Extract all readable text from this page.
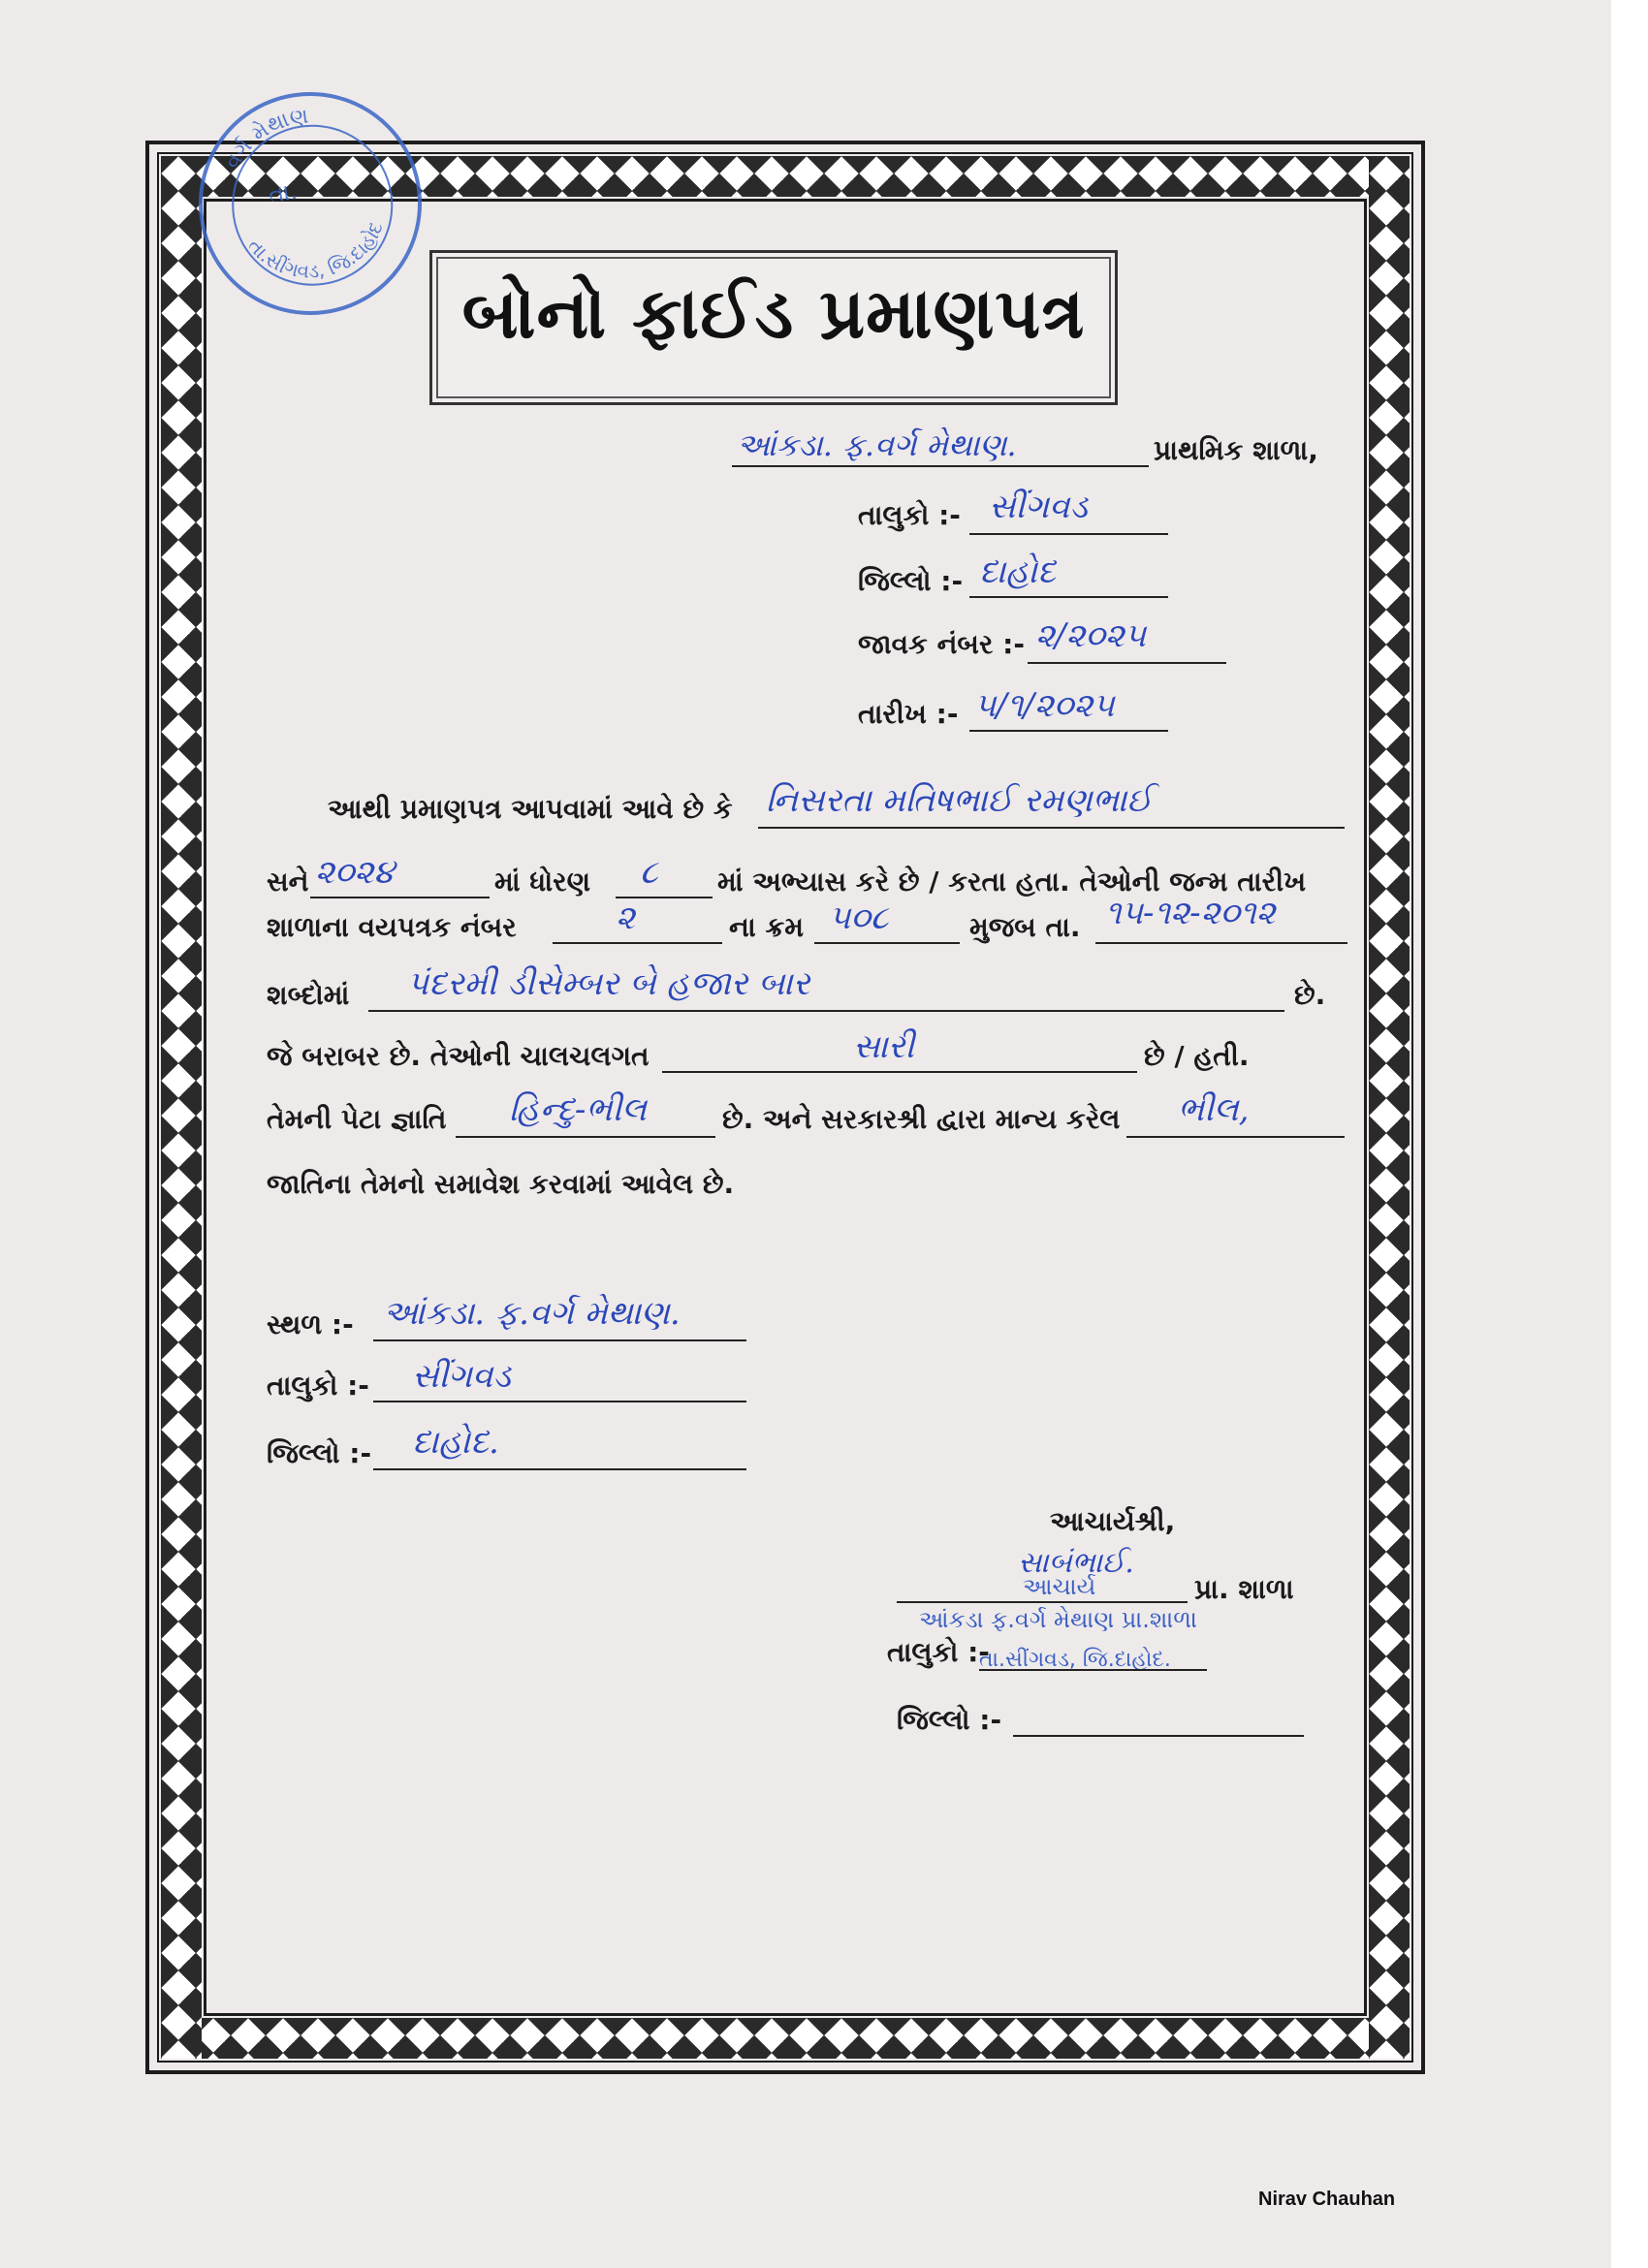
વર્ગ મેથાણ
તા.સીંગવડ, જિ.દાહોદ
તા.
બોનો ફાઈડ પ્રમાણપત્ર
આંકડા. ફ.વર્ગ મેથાણ.	પ્રાથમિક શાળા,
તાલુકો :- સીંગવડ
જિલ્લો :- દાહોદ
જાવક નંબર :- ૨/૨૦૨૫
તારીખ :- ૫/૧/૨૦૨૫
આથી પ્રમાણપત્ર આપવામાં આવે છે કે નિસરતા મતિષભાઈ રમણભાઈ
સને ૨૦૨૪	માં ધોરણ ૮ માં અભ્યાસ કરે છે / કરતા હતા. તેઓની જન્મ તારીખ
શાળાના વયપત્રક નંબર	૨	ના ક્રમ ૫૦૮	મુજબ તા. ૧૫-૧૨-૨૦૧૨
શબ્દોમાં પંદરમી ડીસેમ્બર બે હજાર બાર	છે.
જે બરાબર છે. તેઓની ચાલચલગત	સારી	છે / હતી.
તેમની પેટા જ્ઞાતિ હિન્દુ-ભીલ	છે. અને સરકારશ્રી દ્વારા માન્ય કરેલ ભીલ,
જાતિના તેમનો સમાવેશ કરવામાં આવેલ છે.
સ્થળ :- આંકડા. ફ.વર્ગ મેથાણ.
તાલુકો :- સીંગવડ
જિલ્લો :- દાહોદ.
આચાર્યશ્રી,
સાબંભાઈ.
આચાર્ય	પ્રા. શાળા
આંકડા ફ.વર્ગ મેથાણ પ્રા.શાળા
તાલુકો :-
તા.સીંગવડ, જિ.દાહોદ.
જિલ્લો :-
Nirav Chauhan
